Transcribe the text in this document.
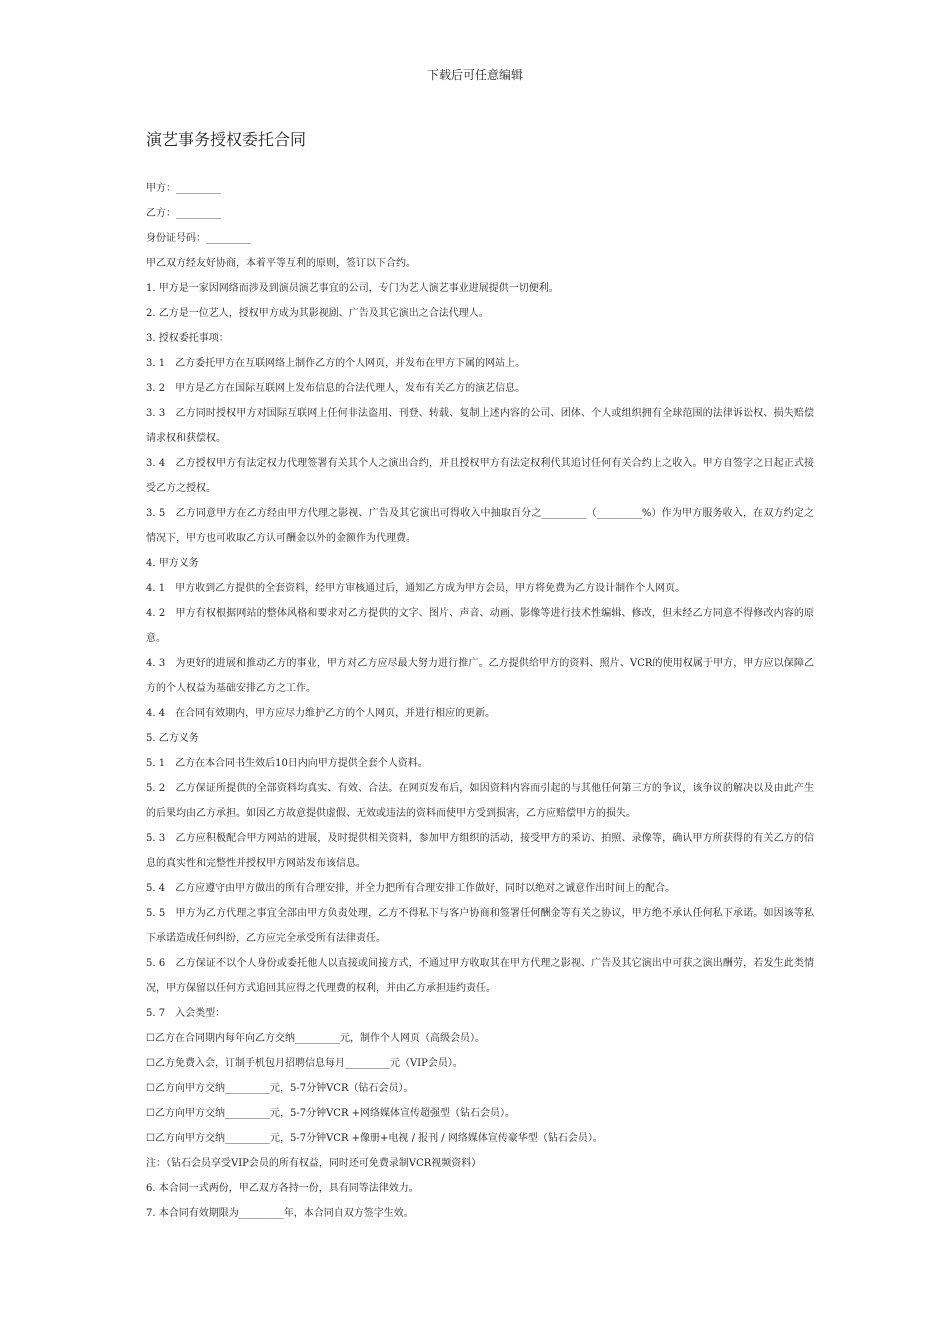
下载后可任意编辑
演艺事务授权委托合同

甲方：_________

乙方：_________

身份证号码：_________

甲乙双方经友好协商，本着平等互利的原则，签订以下合约。

1. 甲方是一家因网络而涉及到演员演艺事宜的公司，专门为艺人演艺事业进展提供一切便利。

2. 乙方是一位艺人，授权甲方成为其影视剧、广告及其它演出之合法代理人。

3. 授权委托事项：

3. 1　乙方委托甲方在互联网络上制作乙方的个人网页，并发布在甲方下属的网站上。

3. 2　甲方是乙方在国际互联网上发布信息的合法代理人，发布有关乙方的演艺信息。

3. 3　乙方同时授权甲方对国际互联网上任何非法盗用、刊登、转载、复制上述内容的公司、团体、个人或组织拥有全球范围的法律诉讼权、损失赔偿请求权和获偿权。

3. 4　乙方授权甲方有法定权力代理签署有关其个人之演出合约，并且授权甲方有法定权利代其追讨任何有关合约上之收入。甲方自签字之日起正式接受乙方之授权。

3. 5　乙方同意甲方在乙方经由甲方代理之影视、广告及其它演出可得收入中抽取百分之_________（_________%）作为甲方服务收入，在双方约定之情况下，甲方也可收取乙方认可酬金以外的金额作为代理费。

4. 甲方义务

4. 1　甲方收到乙方提供的全套资料，经甲方审核通过后，通知乙方成为甲方会员，甲方将免费为乙方设计制作个人网页。

4. 2　甲方有权根据网站的整体风格和要求对乙方提供的文字、图片、声音、动画、影像等进行技术性编辑、修改，但未经乙方同意不得修改内容的原意。

4. 3　为更好的进展和推动乙方的事业，甲方对乙方应尽最大努力进行推广。乙方提供给甲方的资料、照片、VCR的使用权属于甲方，甲方应以保障乙方的个人权益为基础安排乙方之工作。

4. 4　在合同有效期内，甲方应尽力维护乙方的个人网页，并进行相应的更新。

5. 乙方义务

5. 1　乙方在本合同书生效后10日内向甲方提供全套个人资料。

5. 2　乙方保证所提供的全部资料均真实、有效、合法。在网页发布后，如因资料内容而引起的与其他任何第三方的争议，该争议的解决以及由此产生的后果均由乙方承担。如因乙方故意提供虚假、无效或违法的资料而使甲方受到损害，乙方应赔偿甲方的损失。

5. 3　乙方应积极配合甲方网站的进展，及时提供相关资料，参加甲方组织的活动，接受甲方的采访、拍照、录像等，确认甲方所获得的有关乙方的信息的真实性和完整性并授权甲方网站发布该信息。

5. 4　乙方应遵守由甲方做出的所有合理安排，并全力把所有合理安排工作做好，同时以绝对之诚意作出时间上的配合。

5. 5　甲方为乙方代理之事宜全部由甲方负责处理，乙方不得私下与客户协商和签署任何酬金等有关之协议，甲方绝不承认任何私下承诺。如因该等私下承诺造成任何纠纷，乙方应完全承受所有法律责任。

5. 6　乙方保证不以个人身份或委托他人以直接或间接方式，不通过甲方收取其在甲方代理之影视、广告及其它演出中可获之演出酬劳，若发生此类情况，甲方保留以任何方式追回其应得之代理费的权利，并由乙方承担违约责任。

5. 7　入会类型：

☐乙方在合同期内每年向乙方交纳_________元，制作个人网页（高级会员）。

☐乙方免费入会，订制手机包月招聘信息每月_________元（VIP会员）。

☐乙方向甲方交纳_________元，5-7分钟VCR（钻石会员）。

☐乙方向甲方交纳_________元，5-7分钟VCR +网络媒体宣传超强型（钻石会员）。

☐乙方向甲方交纳_________元，5-7分钟VCR +像册+电视 / 报刊 / 网络媒体宣传豪华型（钻石会员）。

注：（钻石会员享受VIP会员的所有权益，同时还可免费录制VCR视频资料）

6. 本合同一式两份，甲乙双方各持一份，具有同等法律效力。

7. 本合同有效期限为_________年，本合同自双方签字生效。
